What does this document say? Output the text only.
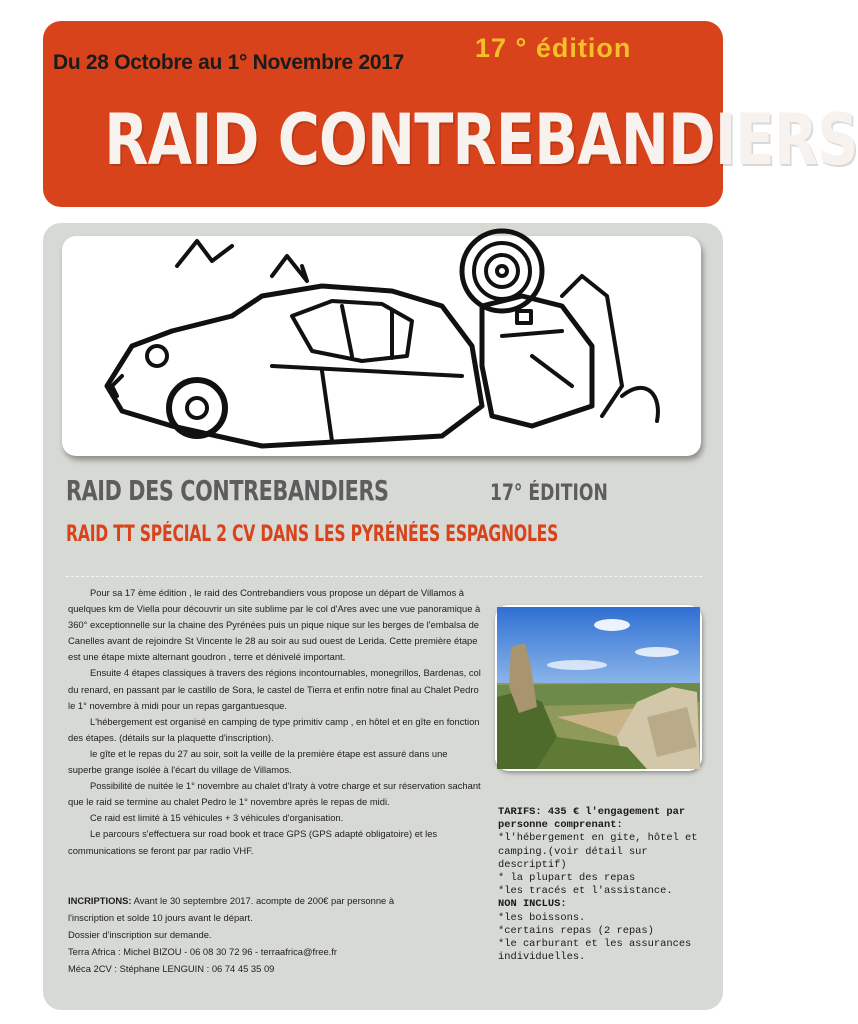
Du 28 Octobre au 1° Novembre 2017	17 ° édition
RAID CONTREBANDIERS
RAID DES CONTREBANDIERS	17° ÉDITION
RAID TT SPÉCIAL 2 CV DANS LES PYRÉNÉES ESPAGNOLES

Pour sa 17 ème édition , le raid des Contrebandiers vous propose un départ de Villamos à quelques km de Viella pour découvrir un site sublime par le col d'Ares avec une vue panoramique à 360° exceptionnelle sur la chaine des Pyrénées puis un pique nique sur les berges de l'embalsa de Canelles avant de rejoindre St Vincente le 28 au soir au sud ouest de Lerida. Cette première étape est une étape mixte alternant goudron , terre et dénivelé important.

Ensuite 4 étapes classiques à travers des régions incontournables, monegrillos, Bardenas, col du renard, en passant par le castillo de Sora, le castel de Tierra et enfin notre final au Chalet Pedro le 1° novembre à midi pour un repas gargantuesque.

L'hébergement est organisé en camping de type primitiv camp , en hôtel et en gîte en fonction des étapes. (détails sur la plaquette d'inscription).

le gîte et le repas du 27 au soir, soit la veille de la première étape est assuré dans une superbe grange isolée à l'écart du village de Villamos.

Possibilité de nuitée le 1° novembre au chalet d'Iraty à votre charge et sur réservation sachant que le raid se termine au chalet Pedro le 1° novembre après le repas de midi.

Ce raid est limité à 15 véhicules + 3 véhicules d'organisation.

Le parcours s'effectuera sur road book et trace GPS (GPS adapté obligatoire) et les communications se feront par par radio VHF.

INCRIPTIONS: Avant le 30 septembre 2017. acompte de 200€ par personne à

l'inscription et solde 10 jours avant le départ.

Dossier d'inscription sur demande.

Terra Africa : Michel BIZOU - 06 08 30 72 96 - terraafrica@free.fr

Méca 2CV : Stéphane LENGUIN : 06 74 45 35 09

TARIFS: 435 € l'engagement par personne comprenant:

*l'hébergement en gite, hôtel et camping.(voir détail sur descriptif)

* la plupart des repas

*les tracés et l'assistance.

NON INCLUS:

*les boissons.

*certains repas (2 repas)

*le carburant et les assurances individuelles.
